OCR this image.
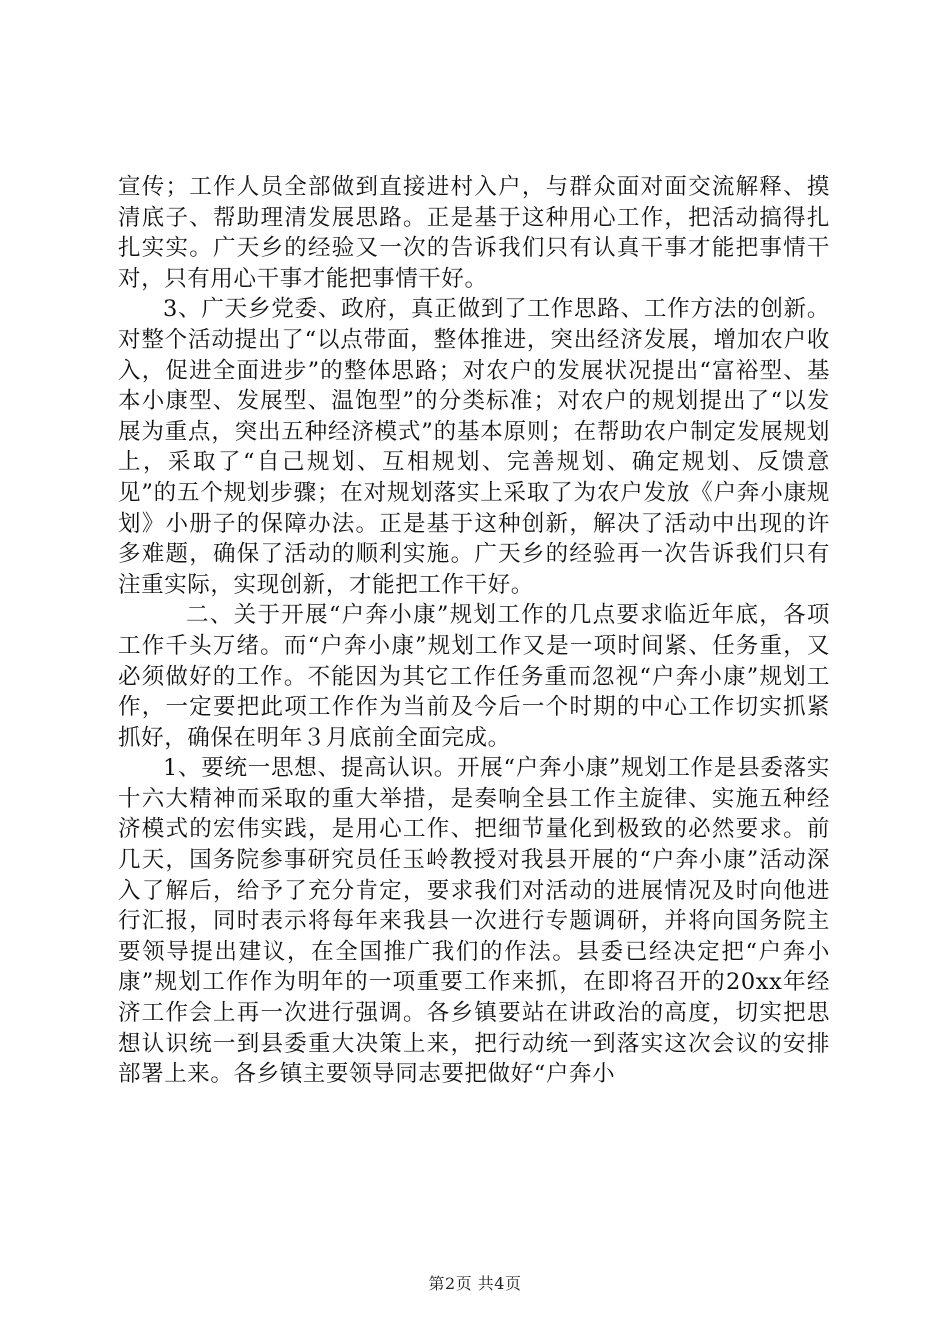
宣传；工作人员全部做到直接进村入户，与群众面对面交流解释、摸清底子、帮助理清发展思路。正是基于这种用心工作，把活动搞得扎扎实实。广天乡的经验又一次的告诉我们只有认真干事才能把事情干对，只有用心干事才能把事情干好。

3、广天乡党委、政府，真正做到了工作思路、工作方法的创新。对整个活动提出了“以点带面，整体推进，突出经济发展，增加农户收入，促进全面进步”的整体思路；对农户的发展状况提出“富裕型、基本小康型、发展型、温饱型”的分类标准；对农户的规划提出了“以发展为重点，突出五种经济模式”的基本原则；在帮助农户制定发展规划上，采取了“自己规划、互相规划、完善规划、确定规划、反馈意见”的五个规划步骤；在对规划落实上采取了为农户发放《户奔小康规划》小册子的保障办法。正是基于这种创新，解决了活动中出现的许多难题，确保了活动的顺利实施。广天乡的经验再一次告诉我们只有注重实际，实现创新，才能把工作干好。

二、关于开展“户奔小康”规划工作的几点要求临近年底，各项工作千头万绪。而“户奔小康”规划工作又是一项时间紧、任务重，又必须做好的工作。不能因为其它工作任务重而忽视“户奔小康”规划工作，一定要把此项工作作为当前及今后一个时期的中心工作切实抓紧抓好，确保在明年３月底前全面完成。

1、要统一思想、提高认识。开展“户奔小康”规划工作是县委落实十六大精神而采取的重大举措，是奏响全县工作主旋律、实施五种经济模式的宏伟实践，是用心工作、把细节量化到极致的必然要求。前几天，国务院参事研究员任玉岭教授对我县开展的“户奔小康”活动深入了解后，给予了充分肯定，要求我们对活动的进展情况及时向他进行汇报，同时表示将每年来我县一次进行专题调研，并将向国务院主要领导提出建议，在全国推广我们的作法。县委已经决定把“户奔小康”规划工作作为明年的一项重要工作来抓，在即将召开的20xx年经济工作会上再一次进行强调。各乡镇要站在讲政治的高度，切实把思想认识统一到县委重大决策上来，把行动统一到落实这次会议的安排部署上来。各乡镇主要领导同志要把做好“户奔小

第2页 共4页
